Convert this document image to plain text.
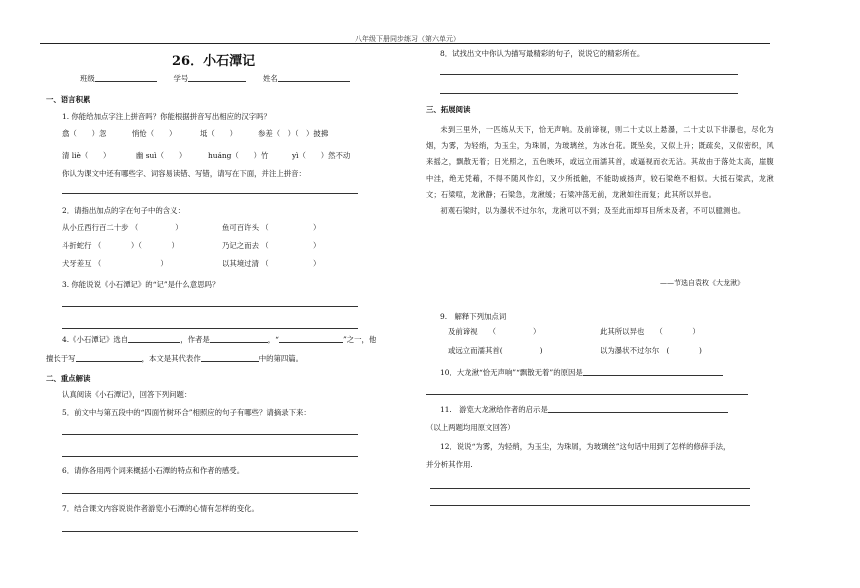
八年级下册同步练习（第六单元）
26．小石潭记
班级	学号	姓名
一、语言积累
1. 你能给加点字注上拼音吗？你能根据拼音写出相应的汉字吗？
翕（　　）忽	悄怆（　　）	坻（　　）	参差（　）（　）披拂
清 liè（　　）	幽 suì（　　）	huáng（　　）竹	yì（　　）然不动
你认为课文中还有哪些字、词容易读错、写错，请写在下面，并注上拼音：
2．请指出加点的字在句子中的含义：
从小丘西行百二十步 （　　　　　）	鱼可百许头 （　　　　　　）
斗折蛇行 （　　　　）（　　　　）	乃记之而去 （　　　　　　）
犬牙差互 （　　　　　　　　）	以其境过清 （　　　　　　）
3. 你能说说《小石潭记》的“记”是什么意思吗？
4.《小石潭记》选自	，作者是	，“	”之一，他
擅长于写	，本文是其代表作	中的第四篇。
二、重点解读
认真阅读《小石潭记》，回答下列问题：
5．前文中与第五段中的“四面竹树环合”相照应的句子有哪些？请摘录下来：
6．请你各用两个词来概括小石潭的特点和作者的感受。
7．结合课文内容说说作者游览小石潭的心情有怎样的变化。
8．试找出文中你认为描写最精彩的句子，说说它的精彩所在。
三、拓展阅读

未到三里外，一匹练从天下，恰无声响。及前谛视，则二十丈以上悬瀑，二十丈以下非瀑也，尽化为烟，为雾，为轻绡，为玉尘，为珠屑，为玻璃丝，为冰台花。既坠矣，又似上升；既疏矣，又似密织，风来摇之，飘散无着；日光照之，五色映环，或远立而濡其首，或逼视而衣无沾。其故由于落处太高，崖腹中洼，绝无凭藉，不得不随风作幻，又少所抵触，不能助威扬声，较石梁绝不相似。大抵石梁武，龙湫文；石梁喧，龙湫静；石梁急，龙湫缓；石梁冲荡无前，龙湫如往而复；此其所以异也。

初观石梁时，以为瀑状不过尔尔，龙湫可以不到；及至此而却耳目所未及者，不可以臆测也。

——节选自袁枚《大龙湫》
9.　解释下列加点词
及前谛视　　（　　　　　）	此其所以异也　　（　　　　）
或远立而濡其首(　　　　　)	以为瀑状不过尔尔　(　　　　)
10．大龙湫“恰无声响”“飘散无着”的原因是
11.　游览大龙湫给作者的启示是
（以上两题均用原文回答）
12．说说“为雾，为轻绡，为玉尘，为珠屑，为玻璃丝”这句话中用到了怎样的修辞手法，
并分析其作用.
